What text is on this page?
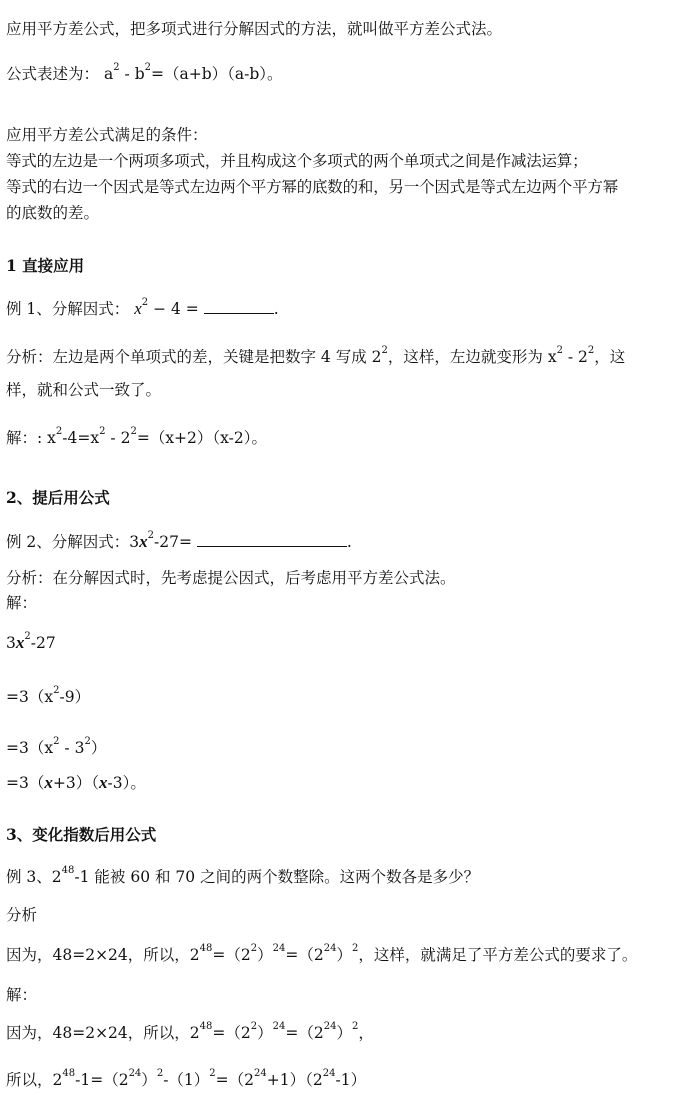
应用平方差公式，把多项式进行分解因式的方法，就叫做平方差公式法。
公式表述为： $a^2 - b^2=(a+b)(a-b)$。
应用平方差公式满足的条件：
等式的左边是一个两项多项式，并且构成这个多项式的两个单项式之间是作减法运算；
等式的右边一个因式是等式左边两个平方幂的底数的和，另一个因式是等式左边两个平方幂
的底数的差。
1 直接应用
例 1、分解因式： $x^2 - 4$ =	.
分析：左边是两个单项式的差，关键是把数字 4 写成 $2^2$，这样，左边就变形为 $x^2 - 2^2$，这
样，就和公式一致了。
解：: $x^2-4=x^2 - 2^2=(x+2)(x-2)$。
2、提后用公式
例 2、分解因式：$3x^2-27=$	.
分析：在分解因式时，先考虑提公因式，后考虑用平方差公式法。
解：
$3x^2-27$
$=3(x^2-9)$
$=3(x^2 - 3^2)$
=3（x+3）（x-3）。
3、变化指数后用公式
例 3、$2^{48}-1$ 能被 60 和 70 之间的两个数整除。这两个数各是多少？
分析
因为，48=2×24，所以，$2^{48}=(2^2)^{24}=(2^{24})^2$，这样，就满足了平方差公式的要求了。
解：
因为，48=2×24，所以，$2^{48}=(2^2)^{24}=(2^{24})^2$，
所以，$2^{48}-1=(2^{24})^2-(1)^2=(2^{24}+1)(2^{24}-1)$
